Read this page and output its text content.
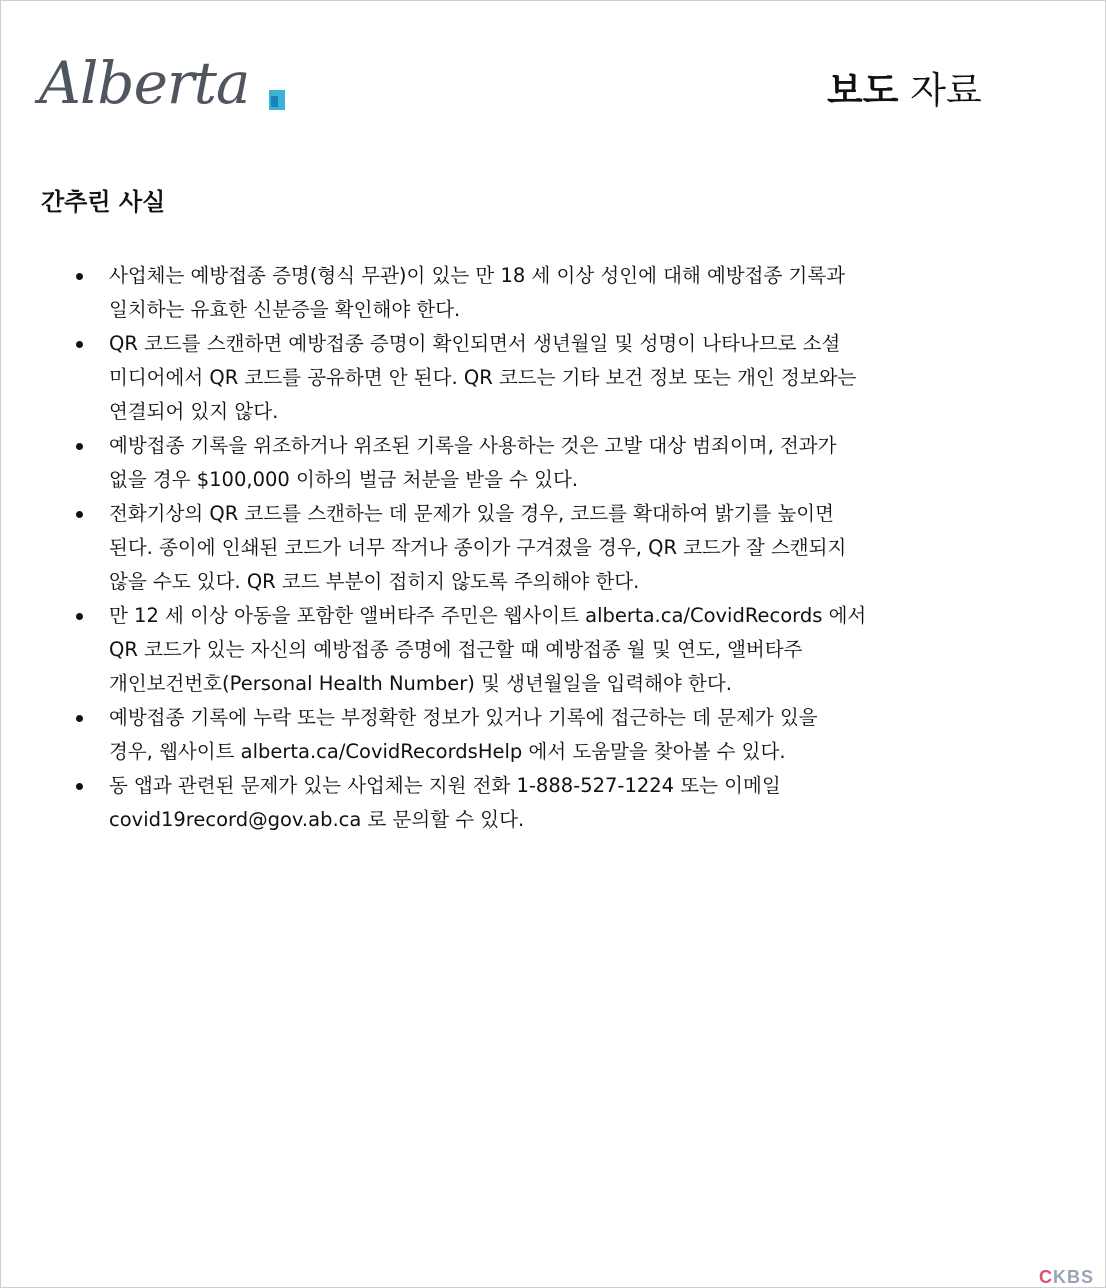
Alberta	보도 자료
간추린 사실
사업체는 예방접종 증명(형식 무관)이 있는 만 18 세 이상 성인에 대해 예방접종 기록과
일치하는 유효한 신분증을 확인해야 한다.
QR 코드를 스캔하면 예방접종 증명이 확인되면서 생년월일 및 성명이 나타나므로 소셜
미디어에서 QR 코드를 공유하면 안 된다. QR 코드는 기타 보건 정보 또는 개인 정보와는
연결되어 있지 않다.
예방접종 기록을 위조하거나 위조된 기록을 사용하는 것은 고발 대상 범죄이며, 전과가
없을 경우 $100,000 이하의 벌금 처분을 받을 수 있다.
전화기상의 QR 코드를 스캔하는 데 문제가 있을 경우, 코드를 확대하여 밝기를 높이면
된다. 종이에 인쇄된 코드가 너무 작거나 종이가 구겨졌을 경우, QR 코드가 잘 스캔되지
않을 수도 있다. QR 코드 부분이 접히지 않도록 주의해야 한다.
만 12 세 이상 아동을 포함한 앨버타주 주민은 웹사이트 alberta.ca/CovidRecords 에서
QR 코드가 있는 자신의 예방접종 증명에 접근할 때 예방접종 월 및 연도, 앨버타주
개인보건번호(Personal Health Number) 및 생년월일을 입력해야 한다.
예방접종 기록에 누락 또는 부정확한 정보가 있거나 기록에 접근하는 데 문제가 있을
경우, 웹사이트 alberta.ca/CovidRecordsHelp 에서 도움말을 찾아볼 수 있다.
동 앱과 관련된 문제가 있는 사업체는 지원 전화 1-888-527-1224 또는 이메일
covid19record@gov.ab.ca 로 문의할 수 있다.
CKBS
